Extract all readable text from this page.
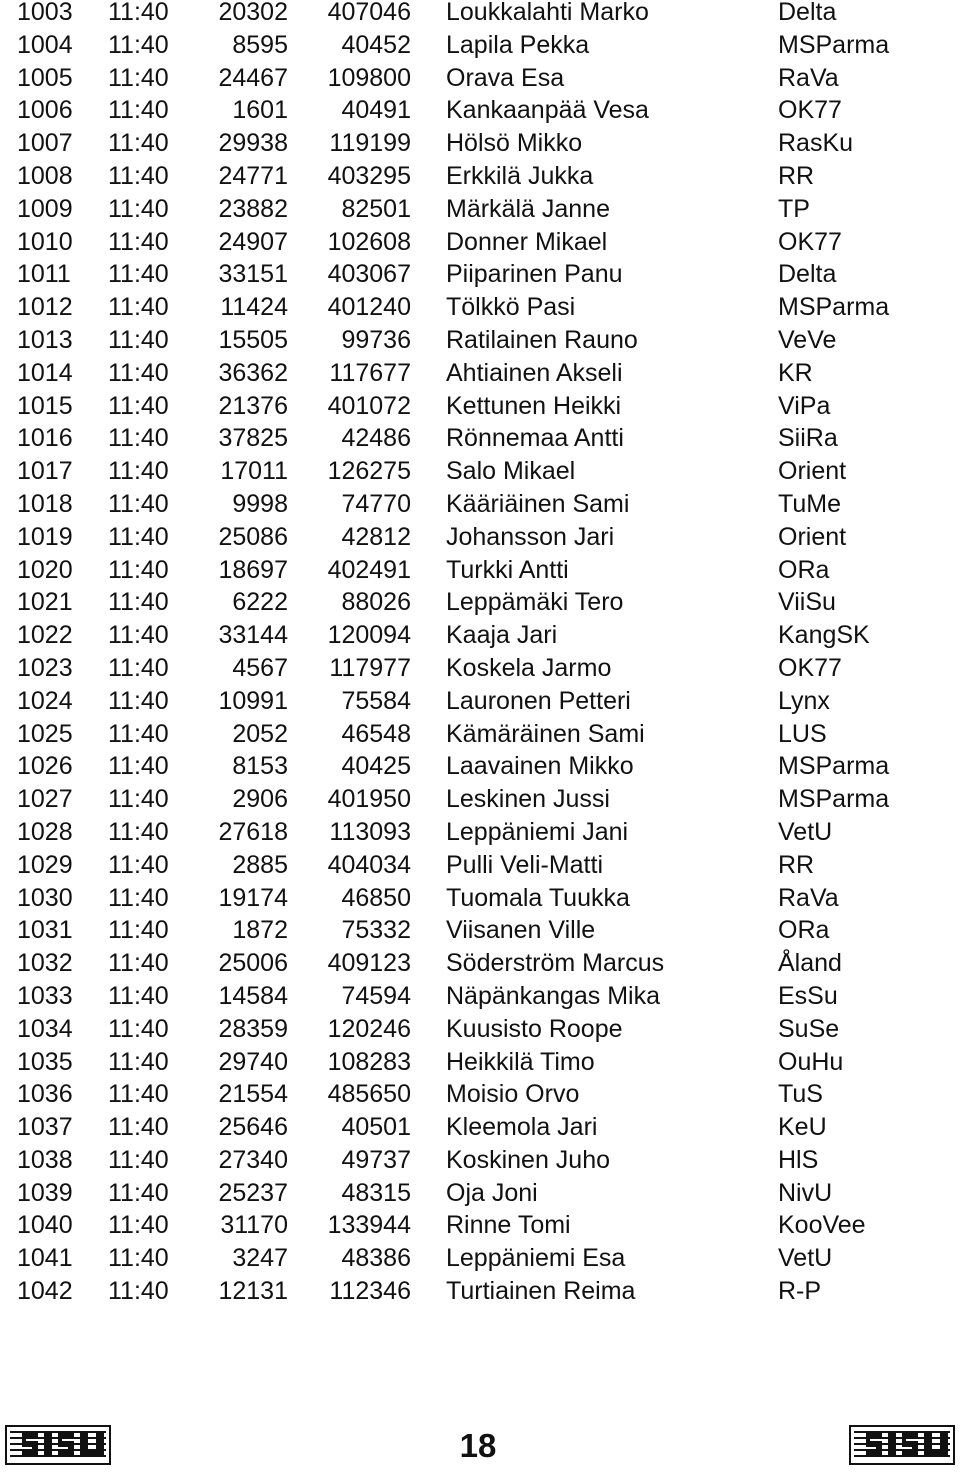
1003 11:40	20302	407046 Loukkalahti Marko	Delta
1004 11:40	8595	40452 Lapila Pekka	MSParma
1005 11:40	24467	109800 Orava Esa	RaVa
1006 11:40	1601	40491 Kankaanpää Vesa	OK77
1007 11:40	29938	119199 Hölsö Mikko	RasKu
1008 11:40	24771	403295 Erkkilä Jukka	RR
1009 11:40	23882	82501 Märkälä Janne	TP
1010 11:40	24907	102608 Donner Mikael	OK77
1011	11:40	33151	403067 Piiparinen Panu	Delta
1012 11:40	11424	401240 Tölkkö Pasi	MSParma
1013 11:40	15505	99736 Ratilainen Rauno	VeVe
1014 11:40	36362	117677 Ahtiainen Akseli	KR
1015 11:40	21376	401072 Kettunen Heikki	ViPa
1016 11:40	37825	42486 Rönnemaa Antti	SiiRa
1017 11:40	17011	126275 Salo Mikael	Orient
1018 11:40	9998	74770 Kääriäinen Sami	TuMe
1019 11:40	25086	42812 Johansson Jari	Orient
1020 11:40	18697	402491 Turkki Antti	ORa
1021 11:40	6222	88026 Leppämäki Tero	ViiSu
1022 11:40	33144	120094 Kaaja Jari	KangSK
1023 11:40	4567	117977 Koskela Jarmo	OK77
1024 11:40	10991	75584 Lauronen Petteri	Lynx
1025 11:40	2052	46548 Kämäräinen Sami	LUS
1026 11:40	8153	40425 Laavainen Mikko	MSParma
1027 11:40	2906	401950 Leskinen Jussi	MSParma
1028 11:40	27618	113093 Leppäniemi Jani	VetU
1029 11:40	2885	404034 Pulli Veli-Matti	RR
1030 11:40	19174	46850 Tuomala Tuukka	RaVa
1031 11:40	1872	75332 Viisanen Ville	ORa
1032 11:40	25006	409123 Söderström Marcus	Åland
1033 11:40	14584	74594 Näpänkangas Mika	EsSu
1034 11:40	28359	120246 Kuusisto Roope	SuSe
1035 11:40	29740	108283 Heikkilä Timo	OuHu
1036 11:40	21554	485650 Moisio Orvo	TuS
1037 11:40	25646	40501 Kleemola Jari	KeU
1038 11:40	27340	49737 Koskinen Juho	HlS
1039 11:40	25237	48315 Oja Joni	NivU
1040 11:40	31170	133944 Rinne Tomi	KooVee
1041 11:40	3247	48386 Leppäniemi Esa	VetU
1042 11:40	12131	112346 Turtiainen Reima	R-P
18
